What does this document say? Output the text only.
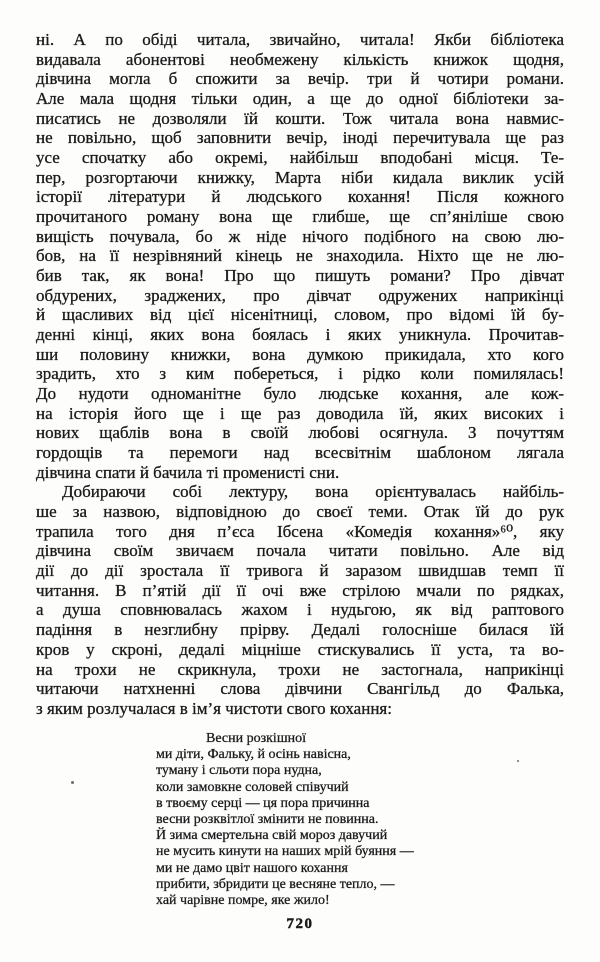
ні. А по обіді читала, звичайно, читала! Якби бібліотека
видавала абонентові необмежену кількість книжок щодня,
дівчина могла б спожити за вечір. три й чотири романи.
Але мала щодня тільки один, а ще до одної бібліотеки за-
писатись не дозволяли їй кошти. Тож читала вона навмис-
не повільно, щоб заповнити вечір, іноді перечитувала ще раз
усе спочатку або окремі, найбільш вподобані місця. Те-
пер, розгортаючи книжку, Марта ніби кидала виклик усій
історії літератури й людського кохання! Після кожного
прочитаного роману вона ще глибше, ще сп’яніліше свою
вищість почувала, бо ж ніде нічого подібного на свою лю-
бов, на її незрівняний кінець не знаходила. Ніхто ще не лю-
бив так, як вона! Про що пишуть романи? Про дівчат
обдурених, зраджених, про дівчат одружених наприкінці
й щасливих від цієї нісенітниці, словом, про відомі їй бу-
денні кінці, яких вона боялась і яких уникнула. Прочитав-
ши половину книжки, вона думкою прикидала, хто кого
зрадить, хто з ким побереться, і рідко коли помилялась!
До нудоти одноманітне було людське кохання, але кож-
на історія його ще і ще раз доводила їй, яких високих і
нових щаблів вона в своїй любові осягнула. З почуттям
гордощів та перемоги над всесвітнім шаблоном лягала
дівчина спати й бачила ті променисті сни.
Добираючи собі лектуру, вона орієнтувалась найбіль-
ше за назвою, відповідною до своєї теми. Отак їй до рук
трапила того дня п’єса Ібсена «Комедія кохання»⁶⁰, яку
дівчина своїм звичаєм почала читати повільно. Але від
дії до дії зростала її тривога й заразом швидшав темп її
читання. В п’ятій дії її очі вже стрілою мчали по рядках,
а душа сповнювалась жахом і нудьгою, як від раптового
падіння в незглибну прірву. Дедалі голосніше билася їй
кров у скроні, дедалі міцніше стискувались її уста, та во-
на трохи не скрикнула, трохи не застогнала, наприкінці
читаючи натхненні слова дівчини Свангільд до Фалька,
з яким розлучалася в ім’я чистоти свого кохання:
Весни розкішної
ми діти, Фальку, й осінь навісна,
туману і сльоти пора нудна,
коли замовкне соловей співучий
в твоєму серці — ця пора причинна
весни розквітлої змінити не повинна.
Й зима смертельна свій мороз давучий
не мусить кинути на наших мрій буяння —
ми не дамо цвіт нашого кохання
прибити, збридити це весняне тепло, —
хай чарівне помре, яке жило!
720
